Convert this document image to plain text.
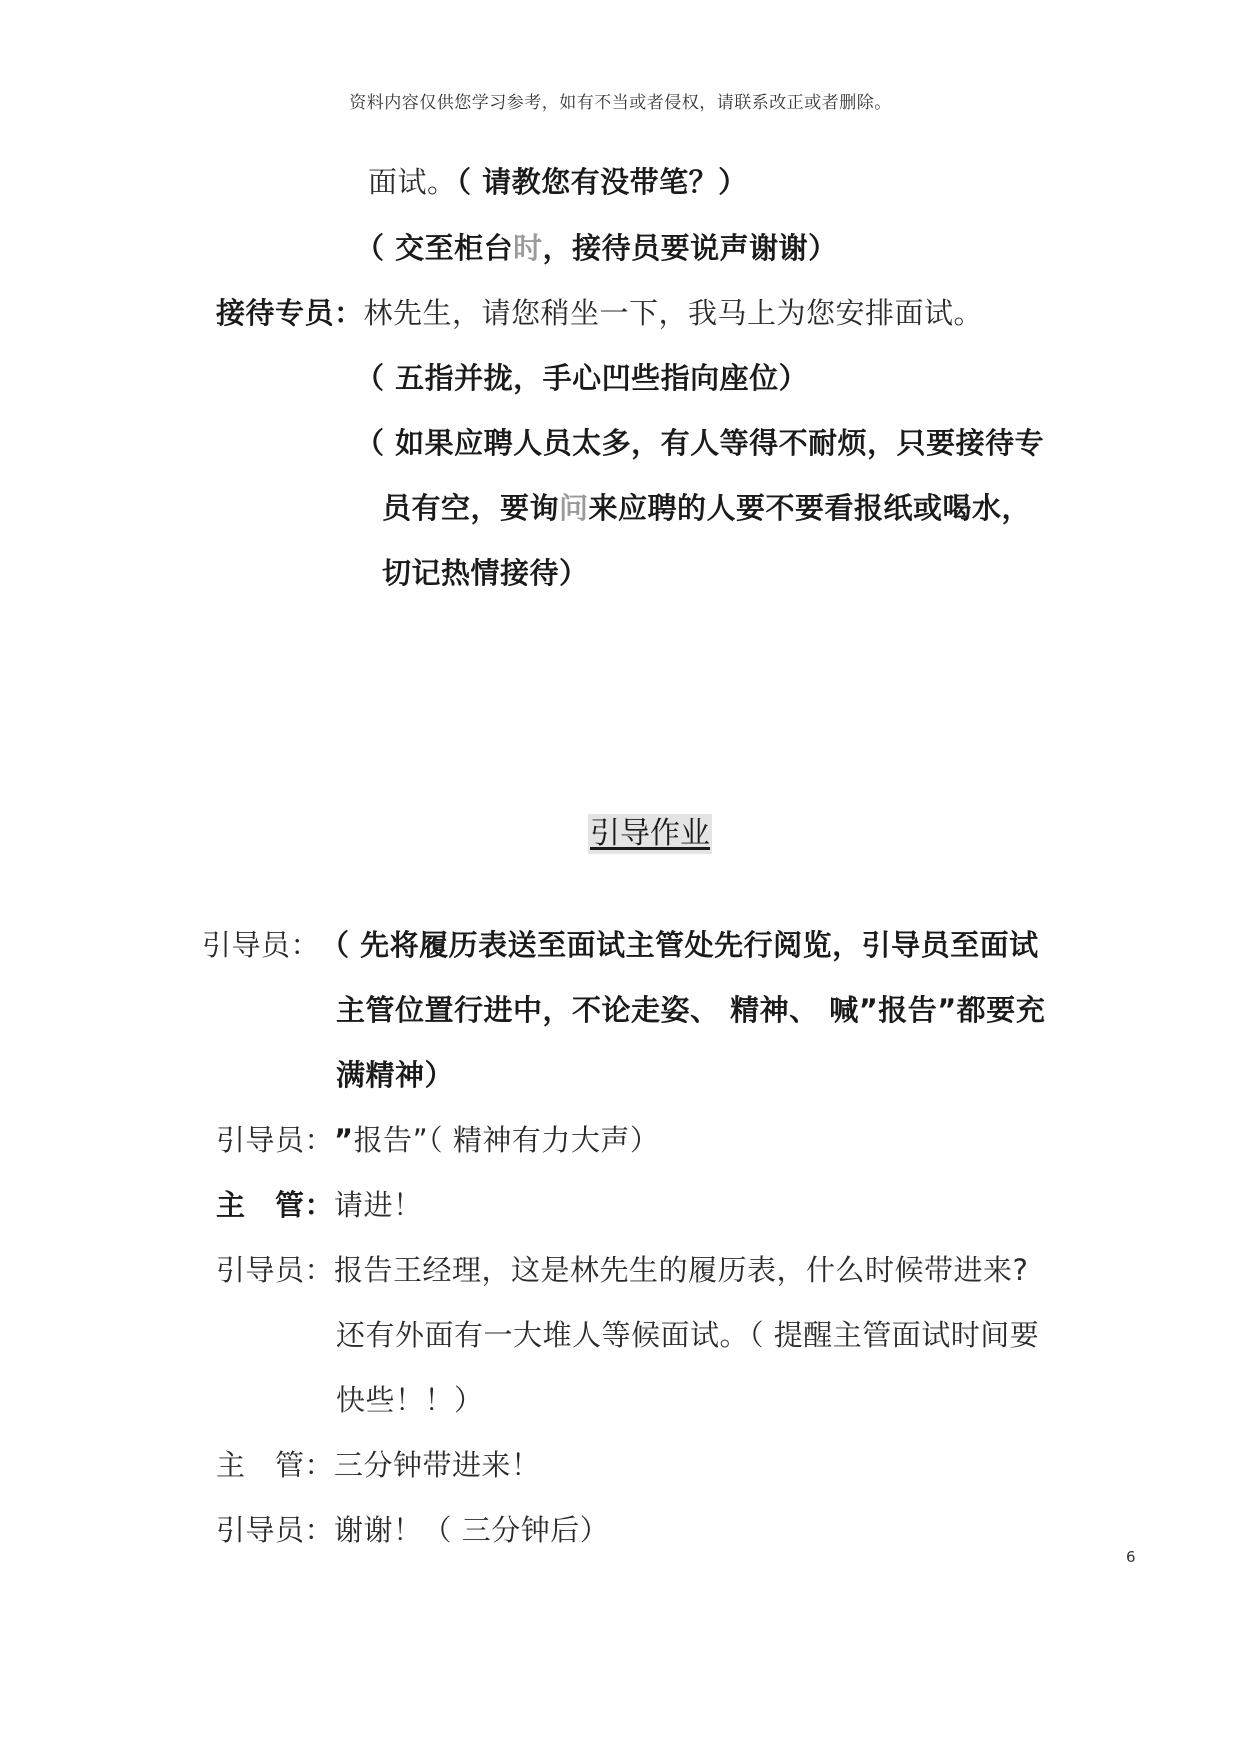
资料内容仅供您学习参考，如有不当或者侵权，请联系改正或者删除。
面试。（ 请教您有没带笔？）
（ 交至柜台时，接待员要说声谢谢）
接待专员：林先生，请您稍坐一下，我马上为您安排面试。
（ 五指并拢，手心凹些指向座位）
（ 如果应聘人员太多，有人等得不耐烦，只要接待专
员有空，要询问来应聘的人要不要看报纸或喝水，
切记热情接待）
引导作业
引导员：（ 先将履历表送至面试主管处先行阅览，引导员至面试
主管位置行进中，不论走姿、 精神、 喊”报告”都要充
满精神）
引导员：”报告”（ 精神有力大声）
主　管：请进！
引导员：报告王经理，这是林先生的履历表，什么时候带进来?
还有外面有一大堆人等候面试。（ 提醒主管面试时间要
快些！！）
主　管：三分钟带进来！
引导员：谢谢！（ 三分钟后）
6
